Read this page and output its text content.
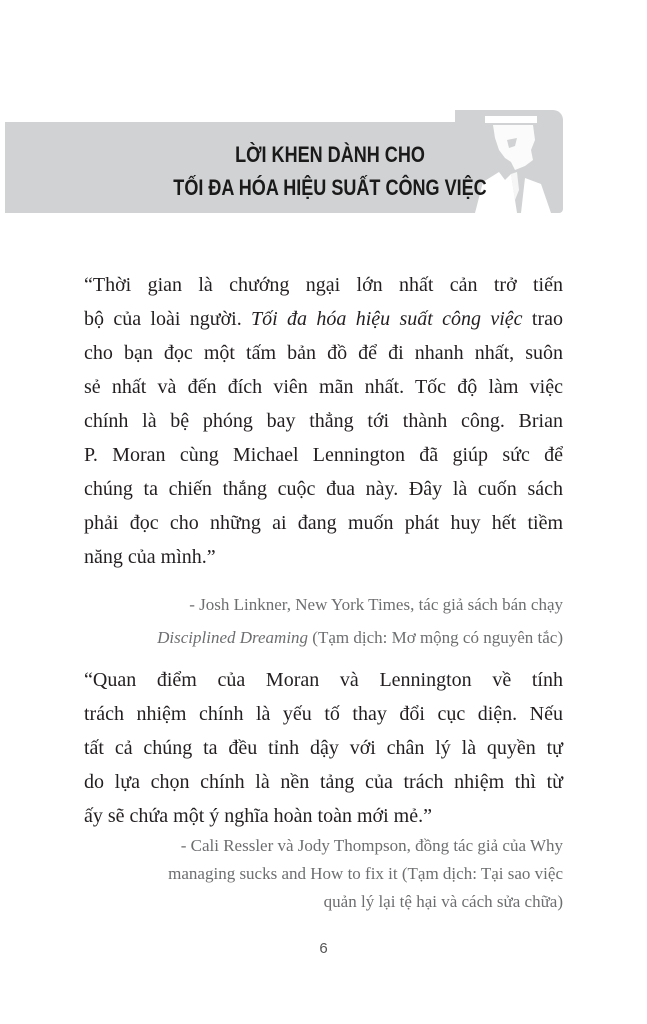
LỜI KHEN DÀNH CHO
TỐI ĐA HÓA HIỆU SUẤT CÔNG VIỆC
“Thời gian là chướng ngại lớn nhất cản trở tiến
bộ của loài người. Tối đa hóa hiệu suất công việc trao
cho bạn đọc một tấm bản đồ để đi nhanh nhất, suôn
sẻ nhất và đến đích viên mãn nhất. Tốc độ làm việc
chính là bệ phóng bay thẳng tới thành công. Brian
P. Moran cùng Michael Lennington đã giúp sức để
chúng ta chiến thắng cuộc đua này. Đây là cuốn sách
phải đọc cho những ai đang muốn phát huy hết tiềm
năng của mình.”
- Josh Linkner, New York Times, tác giả sách bán chạy
Disciplined Dreaming (Tạm dịch: Mơ mộng có nguyên tắc)
“Quan điểm của Moran và Lennington về tính
trách nhiệm chính là yếu tố thay đổi cục diện. Nếu
tất cả chúng ta đều tỉnh dậy với chân lý là quyền tự
do lựa chọn chính là nền tảng của trách nhiệm thì từ
ấy sẽ chứa một ý nghĩa hoàn toàn mới mẻ.”
- Cali Ressler và Jody Thompson, đồng tác giả của Why
managing sucks and How to fix it (Tạm dịch: Tại sao việc
quản lý lại tệ hại và cách sửa chữa)
6
